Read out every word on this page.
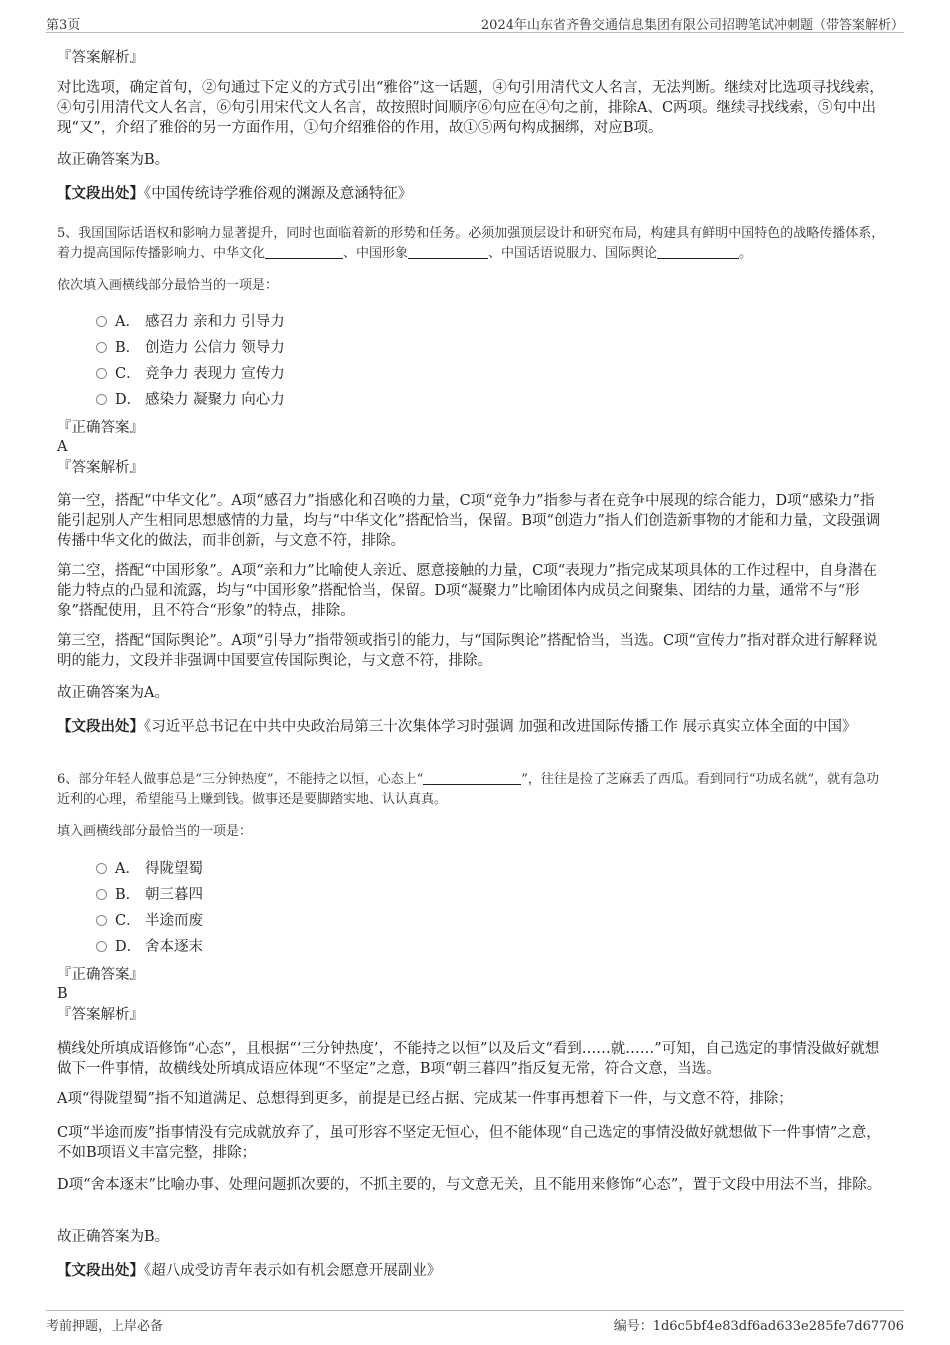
第3页	2024年山东省齐鲁交通信息集团有限公司招聘笔试冲刺题（带答案解析）
『答案解析』
对比选项，确定首句，②句通过下定义的方式引出“雅俗”这一话题，④句引用清代文人名言，无法判断。继续对比选项寻找线索，④句引用清代文人名言，⑥句引用宋代文人名言，故按照时间顺序⑥句应在④句之前，排除A、C两项。继续寻找线索，⑤句中出现“又”，介绍了雅俗的另一方面作用，①句介绍雅俗的作用，故①⑤两句构成捆绑，对应B项。
故正确答案为B。
【文段出处】《中国传统诗学雅俗观的渊源及意涵特征》
5、我国国际话语权和影响力显著提升，同时也面临着新的形势和任务。必须加强顶层设计和研究布局，构建具有鲜明中国特色的战略传播体系，着力提高国际传播影响力、中华文化	、中国形象	、中国话语说服力、国际舆论	。
依次填入画横线部分最恰当的一项是：
A． 感召力 亲和力 引导力
B． 创造力 公信力 领导力
C． 竞争力 表现力 宣传力
D． 感染力 凝聚力 向心力
『正确答案』
A
『答案解析』
第一空，搭配“中华文化”。A项“感召力”指感化和召唤的力量，C项“竞争力”指参与者在竞争中展现的综合能力，D项“感染力”指能引起别人产生相同思想感情的力量，均与“中华文化”搭配恰当，保留。B项“创造力”指人们创造新事物的才能和力量，文段强调传播中华文化的做法，而非创新，与文意不符，排除。
第二空，搭配“中国形象”。A项“亲和力”比喻使人亲近、愿意接触的力量，C项“表现力”指完成某项具体的工作过程中，自身潜在能力特点的凸显和流露，均与“中国形象”搭配恰当，保留。D项“凝聚力”比喻团体内成员之间聚集、团结的力量，通常不与“形象”搭配使用，且不符合“形象”的特点，排除。
第三空，搭配“国际舆论”。A项“引导力”指带领或指引的能力，与“国际舆论”搭配恰当，当选。C项“宣传力”指对群众进行解释说明的能力，文段并非强调中国要宣传国际舆论，与文意不符，排除。
故正确答案为A。
【文段出处】《习近平总书记在中共中央政治局第三十次集体学习时强调 加强和改进国际传播工作 展示真实立体全面的中国》
6、部分年轻人做事总是“三分钟热度”，不能持之以恒，心态上“	”，往往是捡了芝麻丢了西瓜。看到同行“功成名就”，就有急功近利的心理，希望能马上赚到钱。做事还是要脚踏实地、认认真真。
填入画横线部分最恰当的一项是：
A． 得陇望蜀
B． 朝三暮四
C． 半途而废
D． 舍本逐末
『正确答案』
B
『答案解析』
横线处所填成语修饰“心态”，且根据“‘三分钟热度’，不能持之以恒”以及后文“看到……就……”可知，自己选定的事情没做好就想做下一件事情，故横线处所填成语应体现“不坚定”之意，B项“朝三暮四”指反复无常，符合文意，当选。
A项“得陇望蜀”指不知道满足、总想得到更多，前提是已经占据、完成某一件事再想着下一件，与文意不符，排除；
C项“半途而废”指事情没有完成就放弃了，虽可形容不坚定无恒心，但不能体现“自己选定的事情没做好就想做下一件事情”之意，不如B项语义丰富完整，排除；
D项“舍本逐末”比喻办事、处理问题抓次要的，不抓主要的，与文意无关，且不能用来修饰“心态”，置于文段中用法不当，排除。
故正确答案为B。
【文段出处】《超八成受访青年表示如有机会愿意开展副业》
考前押题，上岸必备	编号：1d6c5bf4e83df6ad633e285fe7d67706
